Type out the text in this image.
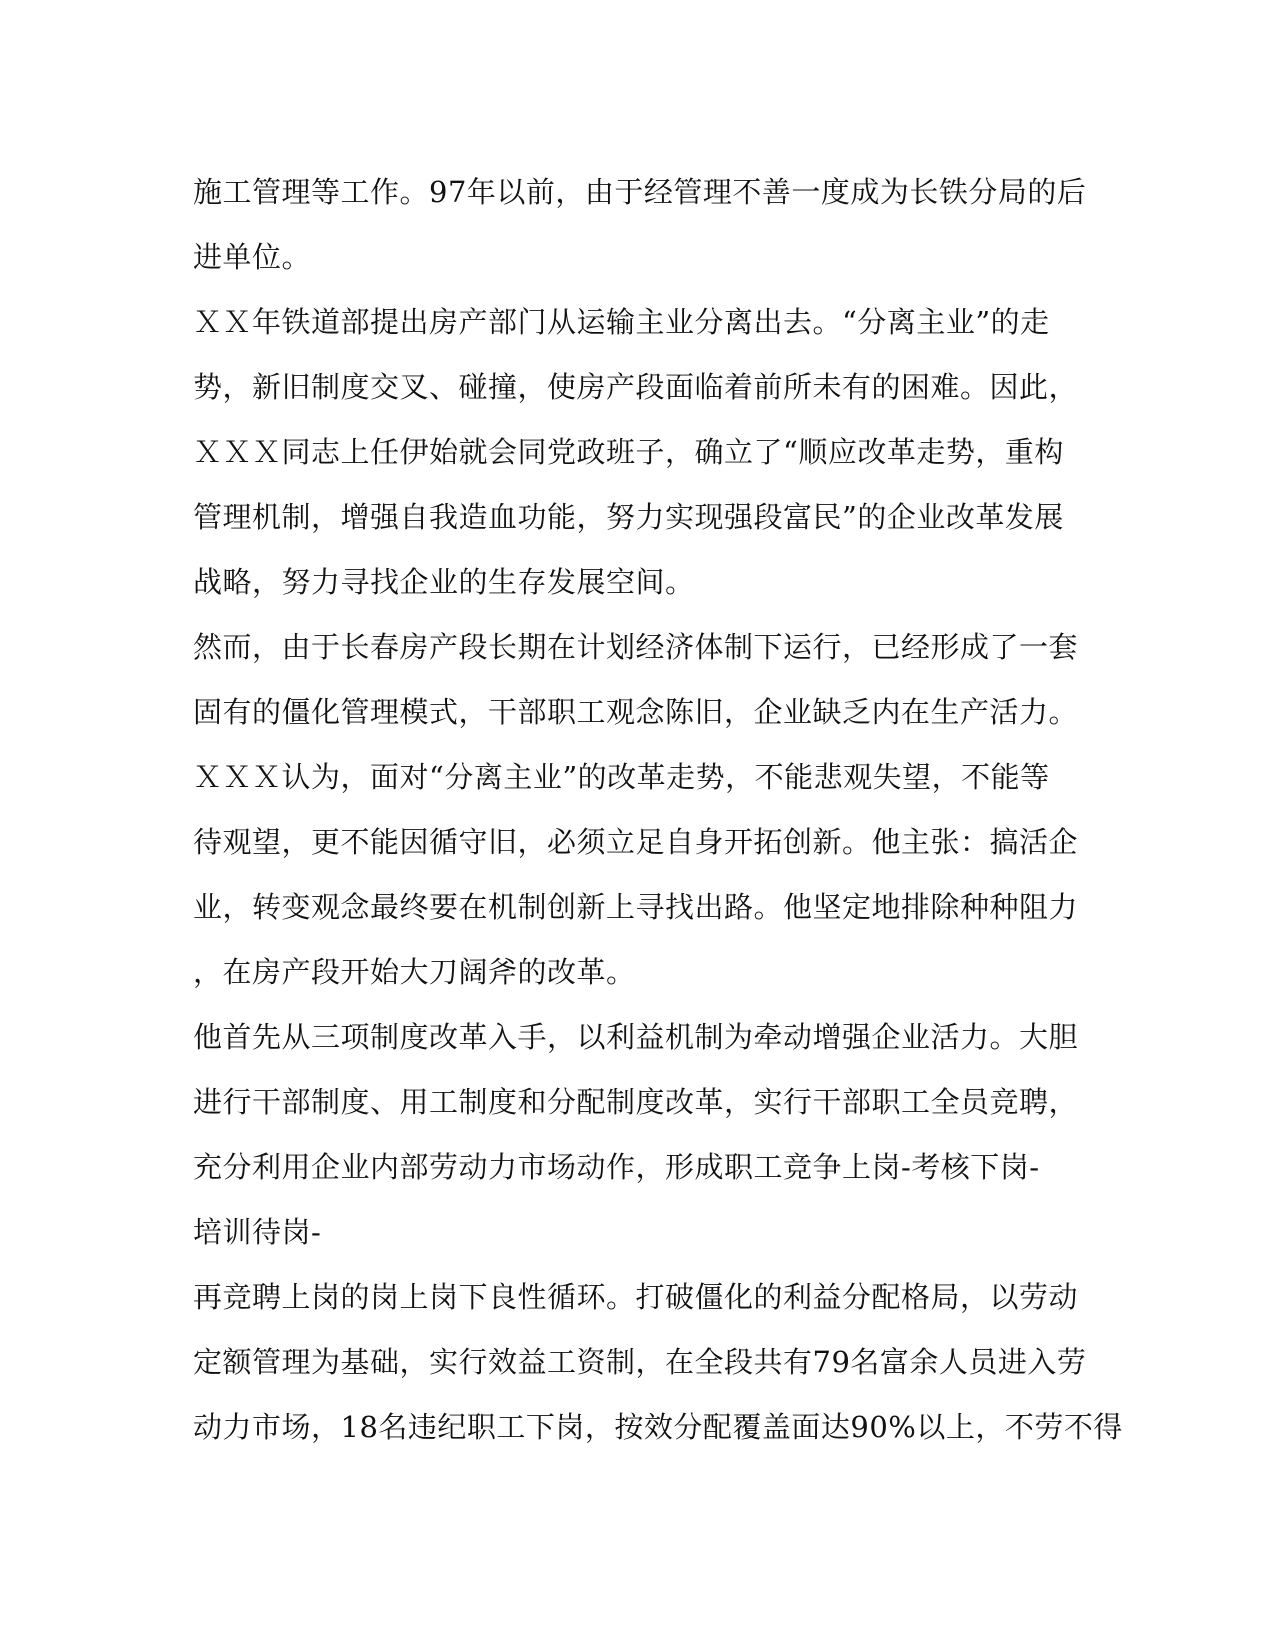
施工管理等工作。97年以前，由于经管理不善一度成为长铁分局的后
进单位。
ＸＸ年铁道部提出房产部门从运输主业分离出去。“分离主业”的走
势，新旧制度交叉、碰撞，使房产段面临着前所未有的困难。因此，
ＸＸＸ同志上任伊始就会同党政班子，确立了“顺应改革走势，重构
管理机制，增强自我造血功能，努力实现强段富民”的企业改革发展
战略，努力寻找企业的生存发展空间。
然而，由于长春房产段长期在计划经济体制下运行，已经形成了一套
固有的僵化管理模式，干部职工观念陈旧，企业缺乏内在生产活力。
ＸＸＸ认为，面对“分离主业”的改革走势，不能悲观失望，不能等
待观望，更不能因循守旧，必须立足自身开拓创新。他主张：搞活企
业，转变观念最终要在机制创新上寻找出路。他坚定地排除种种阻力
，在房产段开始大刀阔斧的改革。
他首先从三项制度改革入手，以利益机制为牵动增强企业活力。大胆
进行干部制度、用工制度和分配制度改革，实行干部职工全员竞聘，
充分利用企业内部劳动力市场动作，形成职工竞争上岗-考核下岗-
培训待岗-
再竞聘上岗的岗上岗下良性循环。打破僵化的利益分配格局，以劳动
定额管理为基础，实行效益工资制，在全段共有79名富余人员进入劳
动力市场，18名违纪职工下岗，按效分配覆盖面达90%以上，不劳不得
